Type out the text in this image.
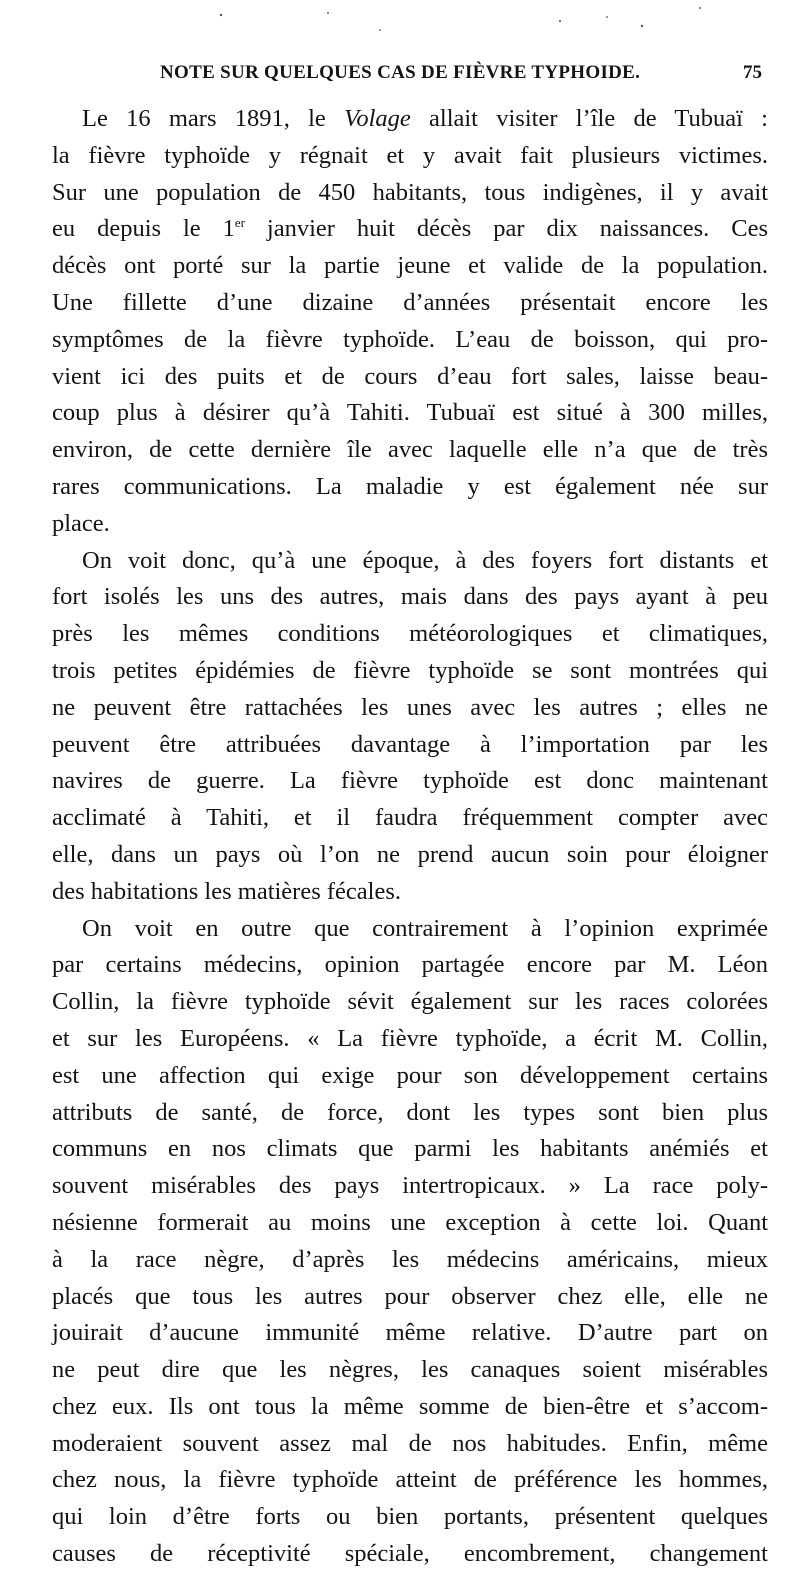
NOTE SUR QUELQUES CAS DE FIÈVRE TYPHOIDE.	75
Le 16 mars 1891, le Volage allait visiter l’île de Tubuaï :
la fièvre typhoïde y régnait et y avait fait plusieurs victimes.
Sur une population de 450 habitants, tous indigènes, il y avait
eu depuis le 1er janvier huit décès par dix naissances. Ces
décès ont porté sur la partie jeune et valide de la population.
Une fillette d’une dizaine d’années présentait encore les
symptômes de la fièvre typhoïde. L’eau de boisson, qui pro-
vient ici des puits et de cours d’eau fort sales, laisse beau-
coup plus à désirer qu’à Tahiti. Tubuaï est situé à 300 milles,
environ, de cette dernière île avec laquelle elle n’a que de très
rares communications. La maladie y est également née sur
place.
On voit donc, qu’à une époque, à des foyers fort distants et
fort isolés les uns des autres, mais dans des pays ayant à peu
près les mêmes conditions météorologiques et climatiques,
trois petites épidémies de fièvre typhoïde se sont montrées qui
ne peuvent être rattachées les unes avec les autres ; elles ne
peuvent être attribuées davantage à l’importation par les
navires de guerre. La fièvre typhoïde est donc maintenant
acclimaté à Tahiti, et il faudra fréquemment compter avec
elle, dans un pays où l’on ne prend aucun soin pour éloigner
des habitations les matières fécales.
On voit en outre que contrairement à l’opinion exprimée
par certains médecins, opinion partagée encore par M. Léon
Collin, la fièvre typhoïde sévit également sur les races colorées
et sur les Européens. « La fièvre typhoïde, a écrit M. Collin,
est une affection qui exige pour son développement certains
attributs de santé, de force, dont les types sont bien plus
communs en nos climats que parmi les habitants anémiés et
souvent misérables des pays intertropicaux. » La race poly-
nésienne formerait au moins une exception à cette loi. Quant
à la race nègre, d’après les médecins américains, mieux
placés que tous les autres pour observer chez elle, elle ne
jouirait d’aucune immunité même relative. D’autre part on
ne peut dire que les nègres, les canaques soient misérables
chez eux. Ils ont tous la même somme de bien-être et s’accom-
moderaient souvent assez mal de nos habitudes. Enfin, même
chez nous, la fièvre typhoïde atteint de préférence les hommes,
qui loin d’être forts ou bien portants, présentent quelques
causes de réceptivité spéciale, encombrement, changement
